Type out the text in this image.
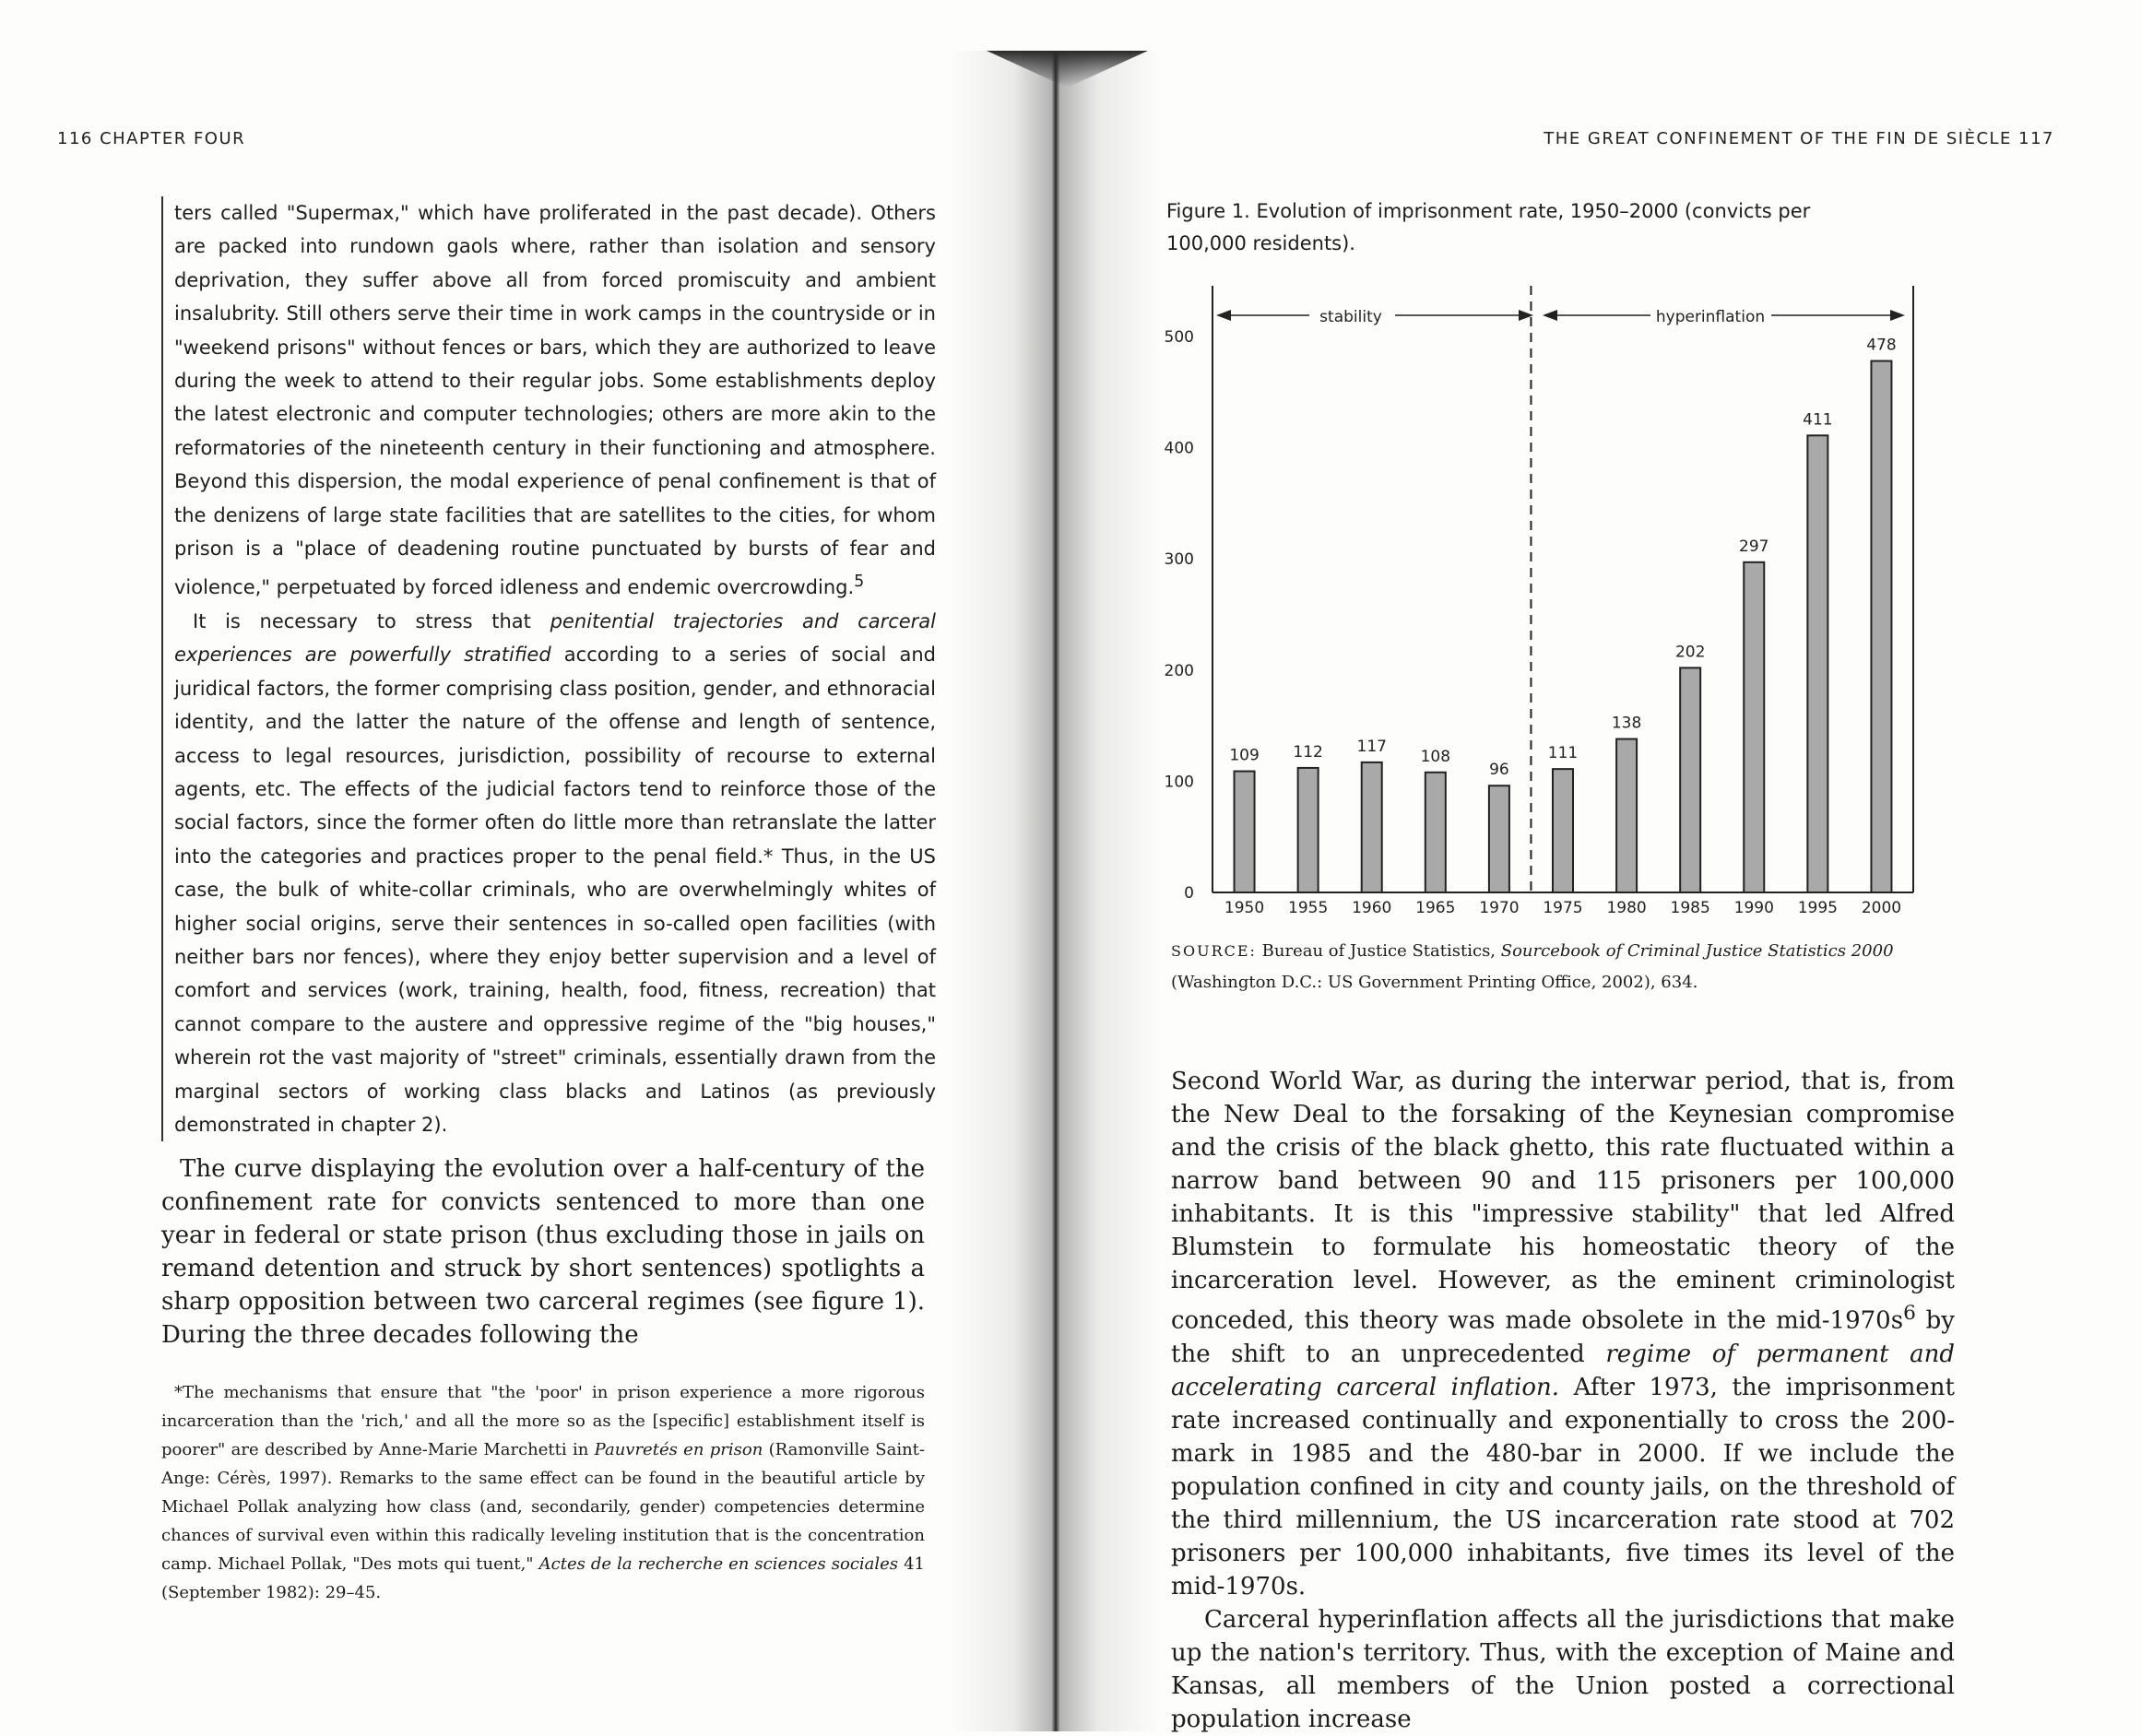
116 CHAPTER FOUR

ters called "Supermax," which have proliferated in the past decade). Others are packed into rundown gaols where, rather than isolation and sensory deprivation, they suffer above all from forced promiscuity and ambient insalubrity. Still others serve their time in work camps in the countryside or in "weekend prisons" without fences or bars, which they are authorized to leave during the week to attend to their regular jobs. Some establishments deploy the latest electronic and computer technologies; others are more akin to the reformatories of the nineteenth century in their functioning and atmosphere. Beyond this dispersion, the modal experience of penal confinement is that of the denizens of large state facilities that are satellites to the cities, for whom prison is a "place of deadening routine punctuated by bursts of fear and violence," perpetuated by forced idleness and endemic overcrowding.$^5$

It is necessary to stress that penitential trajectories and carceral experiences are powerfully stratified according to a series of social and juridical factors, the former comprising class position, gender, and ethnoracial identity, and the latter the nature of the offense and length of sentence, access to legal resources, jurisdiction, possibility of recourse to external agents, etc. The effects of the judicial factors tend to reinforce those of the social factors, since the former often do little more than retranslate the latter into the categories and practices proper to the penal field.* Thus, in the US case, the bulk of white-collar criminals, who are overwhelmingly whites of higher social origins, serve their sentences in so-called open facilities (with neither bars nor fences), where they enjoy better supervision and a level of comfort and services (work, training, health, food, fitness, recreation) that cannot compare to the austere and oppressive regime of the "big houses," wherein rot the vast majority of "street" criminals, essentially drawn from the marginal sectors of working class blacks and Latinos (as previously demonstrated in chapter 2).

The curve displaying the evolution over a half-century of the confinement rate for convicts sentenced to more than one year in federal or state prison (thus excluding those in jails on remand detention and struck by short sentences) spotlights a sharp opposition between two carceral regimes (see figure 1). During the three decades following the

*The mechanisms that ensure that "the 'poor' in prison experience a more rigorous incarceration than the 'rich,' and all the more so as the [specific] establishment itself is poorer" are described by Anne-Marie Marchetti in Pauvretés en prison (Ramonville Saint-Ange: Cérès, 1997). Remarks to the same effect can be found in the beautiful article by Michael Pollak analyzing how class (and, secondarily, gender) competencies determine chances of survival even within this radically leveling institution that is the concentration camp. Michael Pollak, "Des mots qui tuent," Actes de la recherche en sciences sociales 41 (September 1982): 29–45.

THE GREAT CONFINEMENT OF THE FIN DE SIÈCLE 117

Figure 1. Evolution of imprisonment rate, 1950–2000 (convicts per 100,000 residents).

stability	hyperinflation
0
100
200
300
400
500
109 112 117
108
96
111
138
202
297
411
478
1950 1955 1960 1965 1970 1975 1980 1985 1990 1995 2000

SOURCE: Bureau of Justice Statistics, Sourcebook of Criminal Justice Statistics 2000 (Washington D.C.: US Government Printing Office, 2002), 634.

Second World War, as during the interwar period, that is, from the New Deal to the forsaking of the Keynesian compromise and the crisis of the black ghetto, this rate fluctuated within a narrow band between 90 and 115 prisoners per 100,000 inhabitants. It is this "impressive stability" that led Alfred Blumstein to formulate his homeostatic theory of the incarceration level. However, as the eminent criminologist conceded, this theory was made obsolete in the mid-$1970s^6$ by the shift to an unprecedented regime of permanent and accelerating carceral inflation. After 1973, the imprisonment rate increased continually and exponentially to cross the 200-mark in 1985 and the 480-bar in 2000. If we include the population confined in city and county jails, on the threshold of the third millennium, the US incarceration rate stood at 702 prisoners per 100,000 inhabitants, five times its level of the mid-1970s.

Carceral hyperinflation affects all the jurisdictions that make up the nation's territory. Thus, with the exception of Maine and Kansas, all members of the Union posted a correctional population increase
